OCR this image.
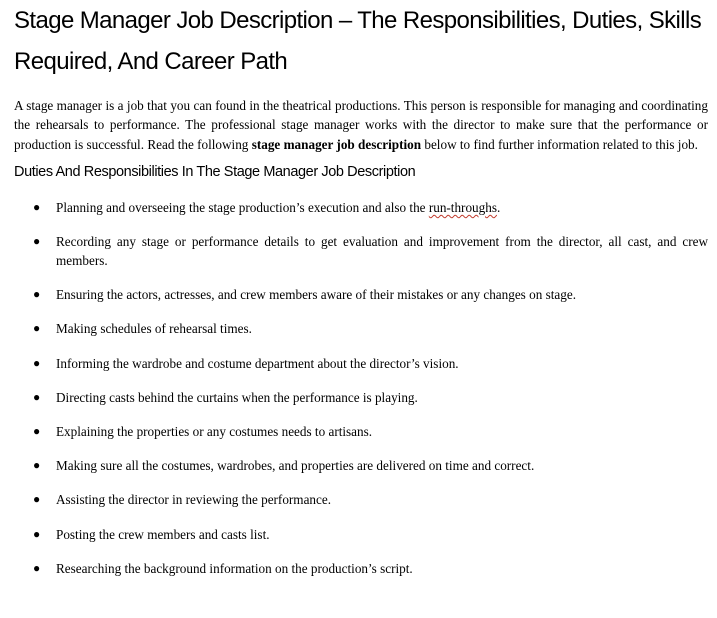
Stage Manager Job Description – The Responsibilities, Duties, Skills Required, And Career Path

A stage manager is a job that you can found in the theatrical productions. This person is responsible for managing and coordinating the rehearsals to performance. The professional stage manager works with the director to make sure that the performance or production is successful. Read the following stage manager job description below to find further information related to this job.

Duties And Responsibilities In The Stage Manager Job Description
● Planning and overseeing the stage production’s execution and also the run-throughs.
● Recording any stage or performance details to get evaluation and improvement from the director, all cast, and crew members.
● Ensuring the actors, actresses, and crew members aware of their mistakes or any changes on stage.
● Making schedules of rehearsal times.
● Informing the wardrobe and costume department about the director’s vision.
● Directing casts behind the curtains when the performance is playing.
● Explaining the properties or any costumes needs to artisans.
● Making sure all the costumes, wardrobes, and properties are delivered on time and correct.
● Assisting the director in reviewing the performance.
● Posting the crew members and casts list.
● Researching the background information on the production’s script.
